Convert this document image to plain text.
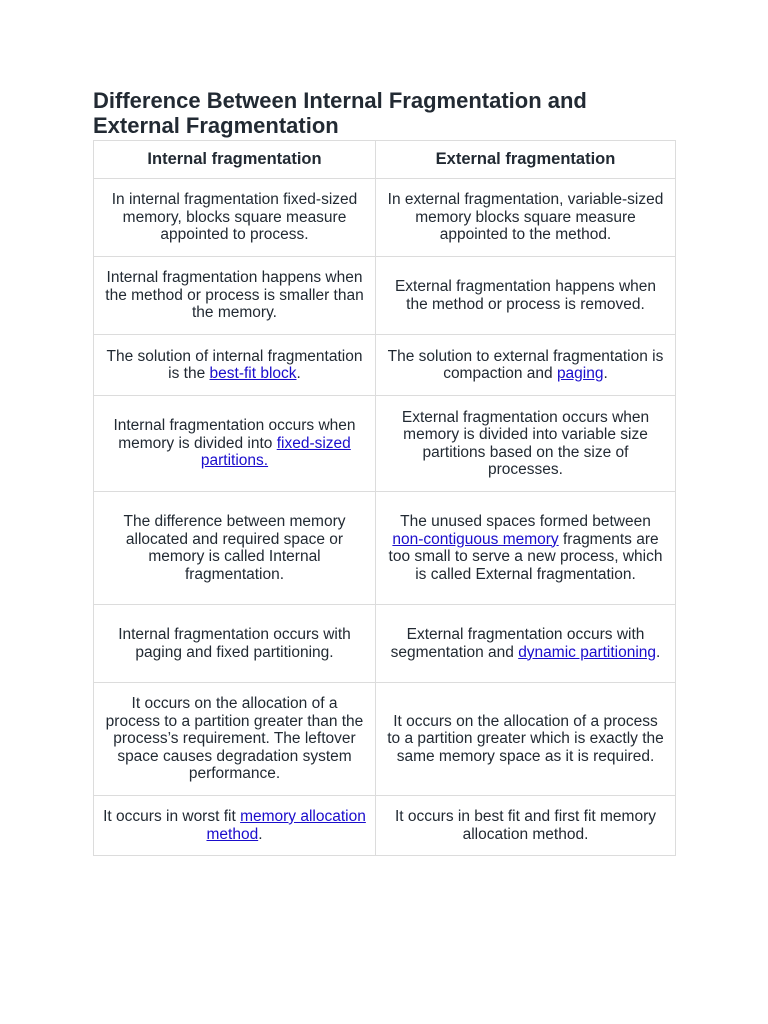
Difference Between Internal Fragmentation and External Fragmentation
Internal fragmentation	External fragmentation
In internal fragmentation fixed-sized memory, blocks square measure appointed to process.	In external fragmentation, variable-sized memory blocks square measure appointed to the method.
Internal fragmentation happens when the method or process is smaller than the memory.	External fragmentation happens when the method or process is removed.
The solution of internal fragmentation is the best-fit block.	The solution to external fragmentation is compaction and paging.
Internal fragmentation occurs when memory is divided into fixed-sized partitions.	External fragmentation occurs when memory is divided into variable size partitions based on the size of processes.
The difference between memory allocated and required space or memory is called Internal fragmentation.	The unused spaces formed between non-contiguous memory fragments are too small to serve a new process, which is called External fragmentation.
Internal fragmentation occurs with paging and fixed partitioning.	External fragmentation occurs with segmentation and dynamic partitioning.
It occurs on the allocation of a process to a partition greater than the process’s requirement. The leftover space causes degradation system performance.	It occurs on the allocation of a process to a partition greater which is exactly the same memory space as it is required.
It occurs in worst fit memory allocation method.	It occurs in best fit and first fit memory allocation method.
